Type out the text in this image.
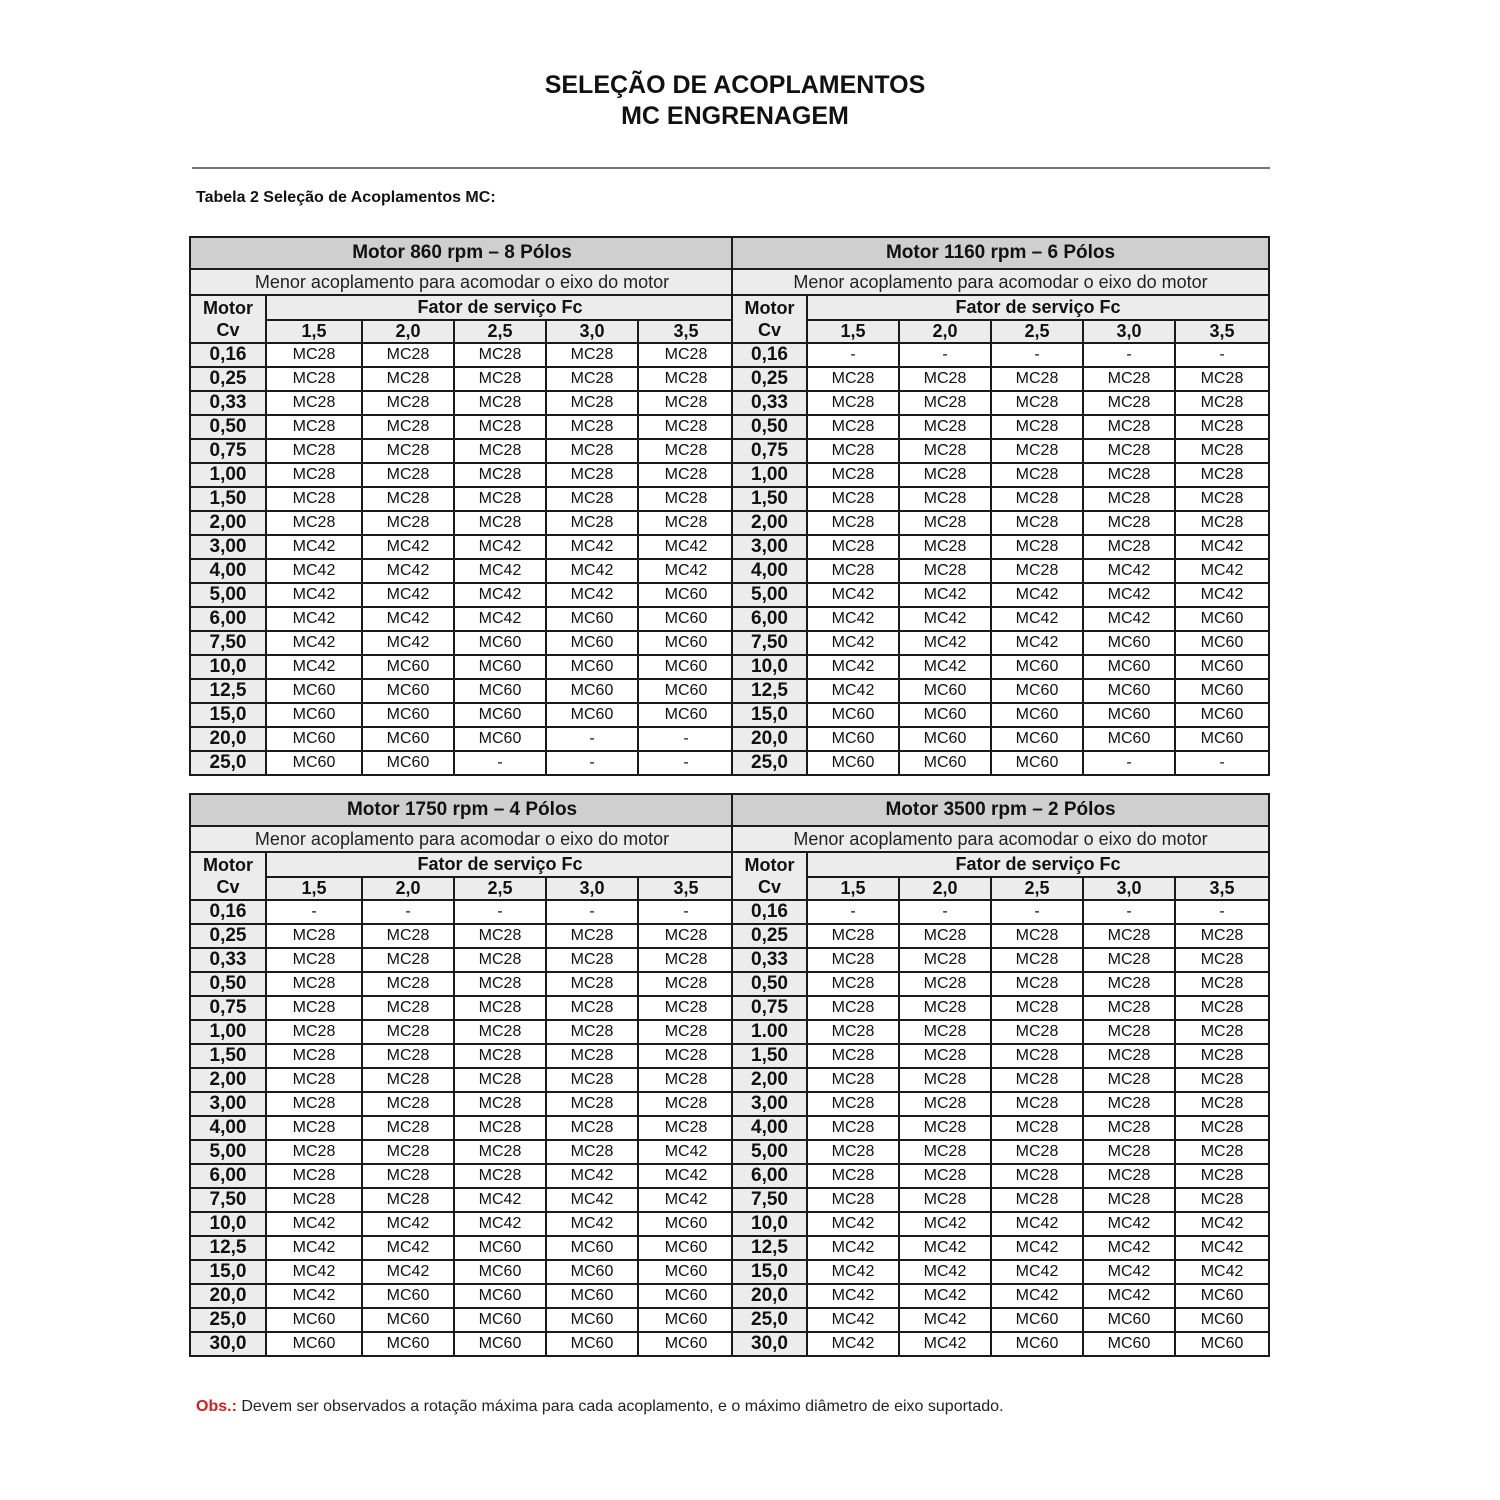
SELEÇÃO DE ACOPLAMENTOS
MC ENGRENAGEM
Tabela 2 Seleção de Acoplamentos MC:
Motor 860 rpm – 8 Pólos					
Menor acoplamento para acomodar o eixo do motor					
Motor
Cv	Fator de serviço Fc				
	1,5	2,0	2,5	3,0	3,5
0,16	MC28	MC28	MC28	MC28	MC28
0,25	MC28	MC28	MC28	MC28	MC28
0,33	MC28	MC28	MC28	MC28	MC28
0,50	MC28	MC28	MC28	MC28	MC28
0,75	MC28	MC28	MC28	MC28	MC28
1,00	MC28	MC28	MC28	MC28	MC28
1,50	MC28	MC28	MC28	MC28	MC28
2,00	MC28	MC28	MC28	MC28	MC28
3,00	MC42	MC42	MC42	MC42	MC42
4,00	MC42	MC42	MC42	MC42	MC42
5,00	MC42	MC42	MC42	MC42	MC60
6,00	MC42	MC42	MC42	MC60	MC60
7,50	MC42	MC42	MC60	MC60	MC60
10,0	MC42	MC60	MC60	MC60	MC60
12,5	MC60	MC60	MC60	MC60	MC60
15,0	MC60	MC60	MC60	MC60	MC60
20,0	MC60	MC60	MC60	-	-
25,0	MC60	MC60	-	-	-
Motor 1160 rpm – 6 Pólos					
Menor acoplamento para acomodar o eixo do motor					
Motor
Cv	Fator de serviço Fc				
	1,5	2,0	2,5	3,0	3,5
0,16	-	-	-	-	-
0,25	MC28	MC28	MC28	MC28	MC28
0,33	MC28	MC28	MC28	MC28	MC28
0,50	MC28	MC28	MC28	MC28	MC28
0,75	MC28	MC28	MC28	MC28	MC28
1,00	MC28	MC28	MC28	MC28	MC28
1,50	MC28	MC28	MC28	MC28	MC28
2,00	MC28	MC28	MC28	MC28	MC28
3,00	MC28	MC28	MC28	MC28	MC42
4,00	MC28	MC28	MC28	MC42	MC42
5,00	MC42	MC42	MC42	MC42	MC42
6,00	MC42	MC42	MC42	MC42	MC60
7,50	MC42	MC42	MC42	MC60	MC60
10,0	MC42	MC42	MC60	MC60	MC60
12,5	MC42	MC60	MC60	MC60	MC60
15,0	MC60	MC60	MC60	MC60	MC60
20,0	MC60	MC60	MC60	MC60	MC60
25,0	MC60	MC60	MC60	-	-
Motor 1750 rpm – 4 Pólos					
Menor acoplamento para acomodar o eixo do motor					
Motor
Cv	Fator de serviço Fc				
	1,5	2,0	2,5	3,0	3,5
0,16	-	-	-	-	-
0,25	MC28	MC28	MC28	MC28	MC28
0,33	MC28	MC28	MC28	MC28	MC28
0,50	MC28	MC28	MC28	MC28	MC28
0,75	MC28	MC28	MC28	MC28	MC28
1,00	MC28	MC28	MC28	MC28	MC28
1,50	MC28	MC28	MC28	MC28	MC28
2,00	MC28	MC28	MC28	MC28	MC28
3,00	MC28	MC28	MC28	MC28	MC28
4,00	MC28	MC28	MC28	MC28	MC28
5,00	MC28	MC28	MC28	MC28	MC42
6,00	MC28	MC28	MC28	MC42	MC42
7,50	MC28	MC28	MC42	MC42	MC42
10,0	MC42	MC42	MC42	MC42	MC60
12,5	MC42	MC42	MC60	MC60	MC60
15,0	MC42	MC42	MC60	MC60	MC60
20,0	MC42	MC60	MC60	MC60	MC60
25,0	MC60	MC60	MC60	MC60	MC60
30,0	MC60	MC60	MC60	MC60	MC60
Motor 3500 rpm – 2 Pólos					
Menor acoplamento para acomodar o eixo do motor					
Motor
Cv	Fator de serviço Fc				
	1,5	2,0	2,5	3,0	3,5
0,16	-	-	-	-	-
0,25	MC28	MC28	MC28	MC28	MC28
0,33	MC28	MC28	MC28	MC28	MC28
0,50	MC28	MC28	MC28	MC28	MC28
0,75	MC28	MC28	MC28	MC28	MC28
1.00	MC28	MC28	MC28	MC28	MC28
1,50	MC28	MC28	MC28	MC28	MC28
2,00	MC28	MC28	MC28	MC28	MC28
3,00	MC28	MC28	MC28	MC28	MC28
4,00	MC28	MC28	MC28	MC28	MC28
5,00	MC28	MC28	MC28	MC28	MC28
6,00	MC28	MC28	MC28	MC28	MC28
7,50	MC28	MC28	MC28	MC28	MC28
10,0	MC42	MC42	MC42	MC42	MC42
12,5	MC42	MC42	MC42	MC42	MC42
15,0	MC42	MC42	MC42	MC42	MC42
20,0	MC42	MC42	MC42	MC42	MC60
25,0	MC42	MC42	MC60	MC60	MC60
30,0	MC42	MC42	MC60	MC60	MC60
Obs.: Devem ser observados a rotação máxima para cada acoplamento, e o máximo diâmetro de eixo suportado.
